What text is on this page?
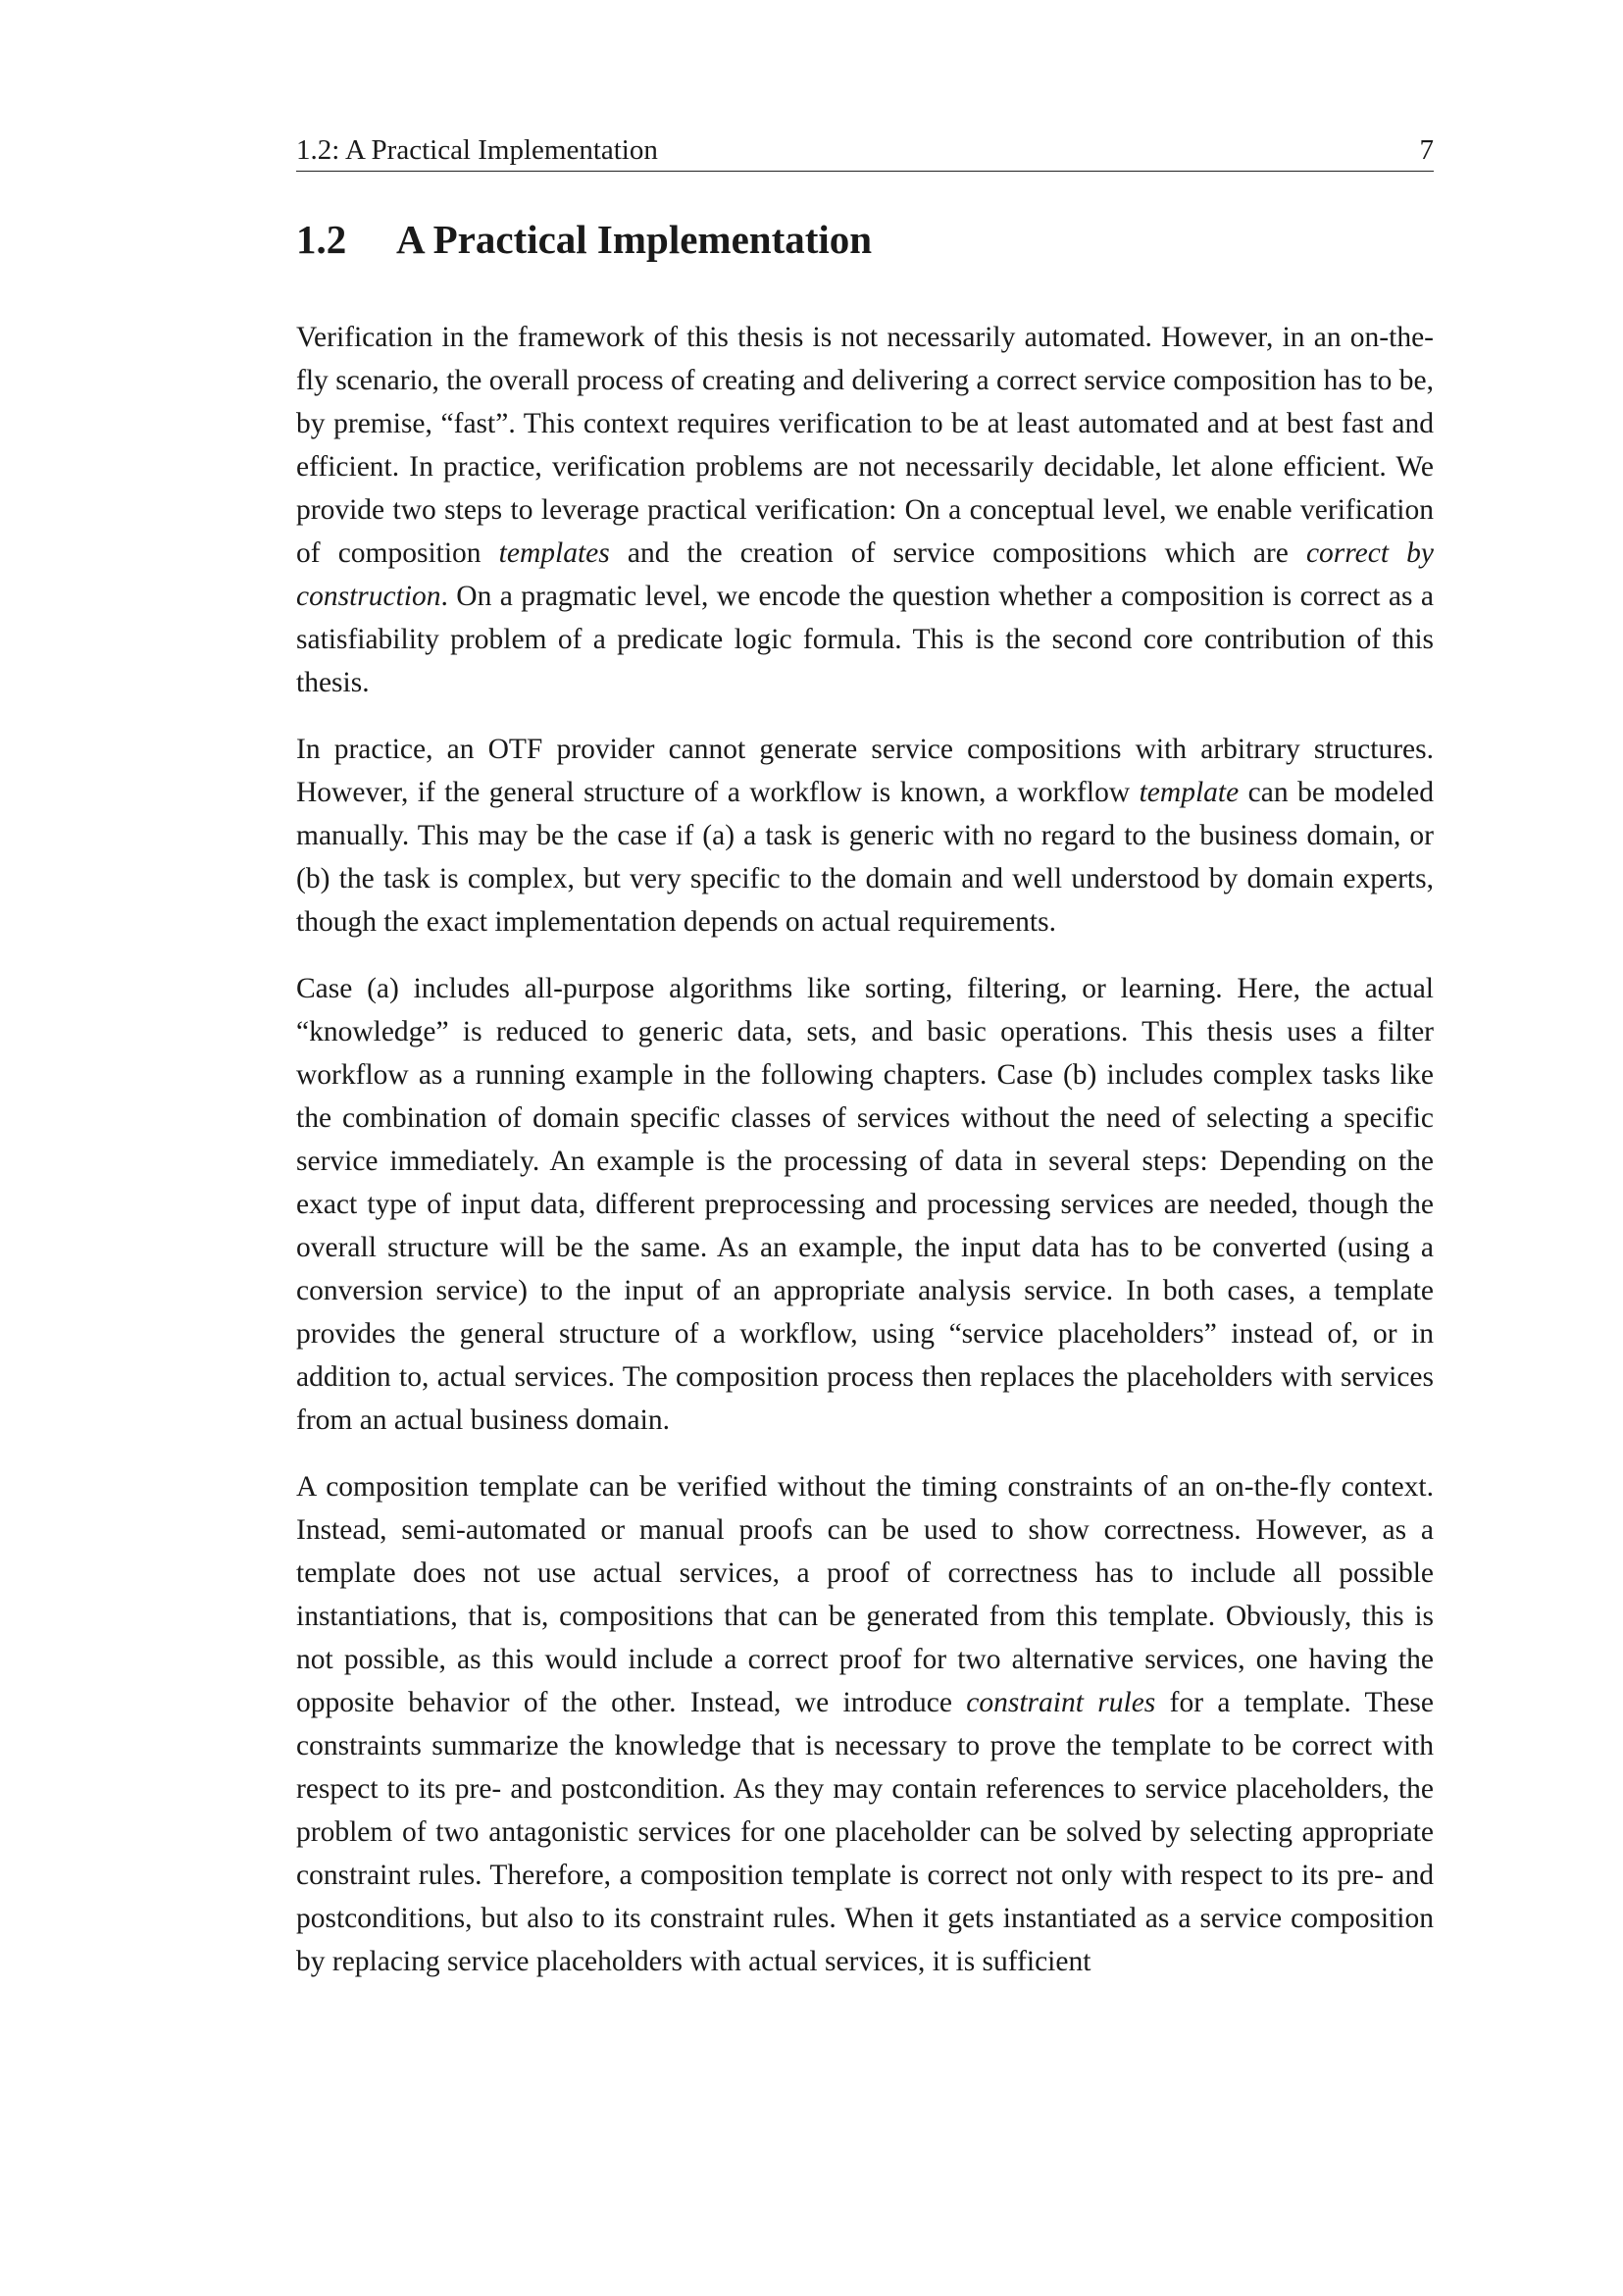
1.2: A Practical Implementation	7
1.2 A Practical Implementation

Verification in the framework of this thesis is not necessarily automated. However, in an on-the-fly scenario, the overall process of creating and delivering a correct service composition has to be, by premise, “fast”. This context requires verification to be at least automated and at best fast and efficient. In practice, verification problems are not necessarily decidable, let alone efficient. We provide two steps to leverage practical verification: On a conceptual level, we enable verification of composition templates and the creation of service compositions which are correct by construction. On a pragmatic level, we encode the question whether a composition is correct as a satisfiability problem of a predicate logic formula. This is the second core contribution of this thesis.

In practice, an OTF provider cannot generate service compositions with arbitrary structures. However, if the general structure of a workflow is known, a workflow template can be modeled manually. This may be the case if (a) a task is generic with no regard to the business domain, or (b) the task is complex, but very specific to the domain and well understood by domain experts, though the exact implementation depends on actual requirements.

Case (a) includes all-purpose algorithms like sorting, filtering, or learning. Here, the actual “knowledge” is reduced to generic data, sets, and basic operations. This thesis uses a filter workflow as a running example in the following chapters. Case (b) includes complex tasks like the combination of domain specific classes of services without the need of selecting a specific service immediately. An example is the processing of data in several steps: Depending on the exact type of input data, different preprocessing and processing services are needed, though the overall structure will be the same. As an example, the input data has to be converted (using a conversion service) to the input of an appropriate analysis service. In both cases, a template provides the general structure of a workflow, using “service placeholders” instead of, or in addition to, actual services. The composition process then replaces the placeholders with services from an actual business domain.

A composition template can be verified without the timing constraints of an on-the-fly context. Instead, semi-automated or manual proofs can be used to show correctness. However, as a template does not use actual services, a proof of correctness has to include all possible instantiations, that is, compositions that can be generated from this template. Obviously, this is not possible, as this would include a correct proof for two alternative services, one having the opposite behavior of the other. Instead, we introduce constraint rules for a template. These constraints summarize the knowledge that is necessary to prove the template to be correct with respect to its pre- and postcondition. As they may contain references to service placeholders, the problem of two antagonistic services for one placeholder can be solved by selecting appropriate constraint rules. Therefore, a composition template is correct not only with respect to its pre- and postconditions, but also to its constraint rules. When it gets instantiated as a service composition by replacing service placeholders with actual services, it is sufficient
